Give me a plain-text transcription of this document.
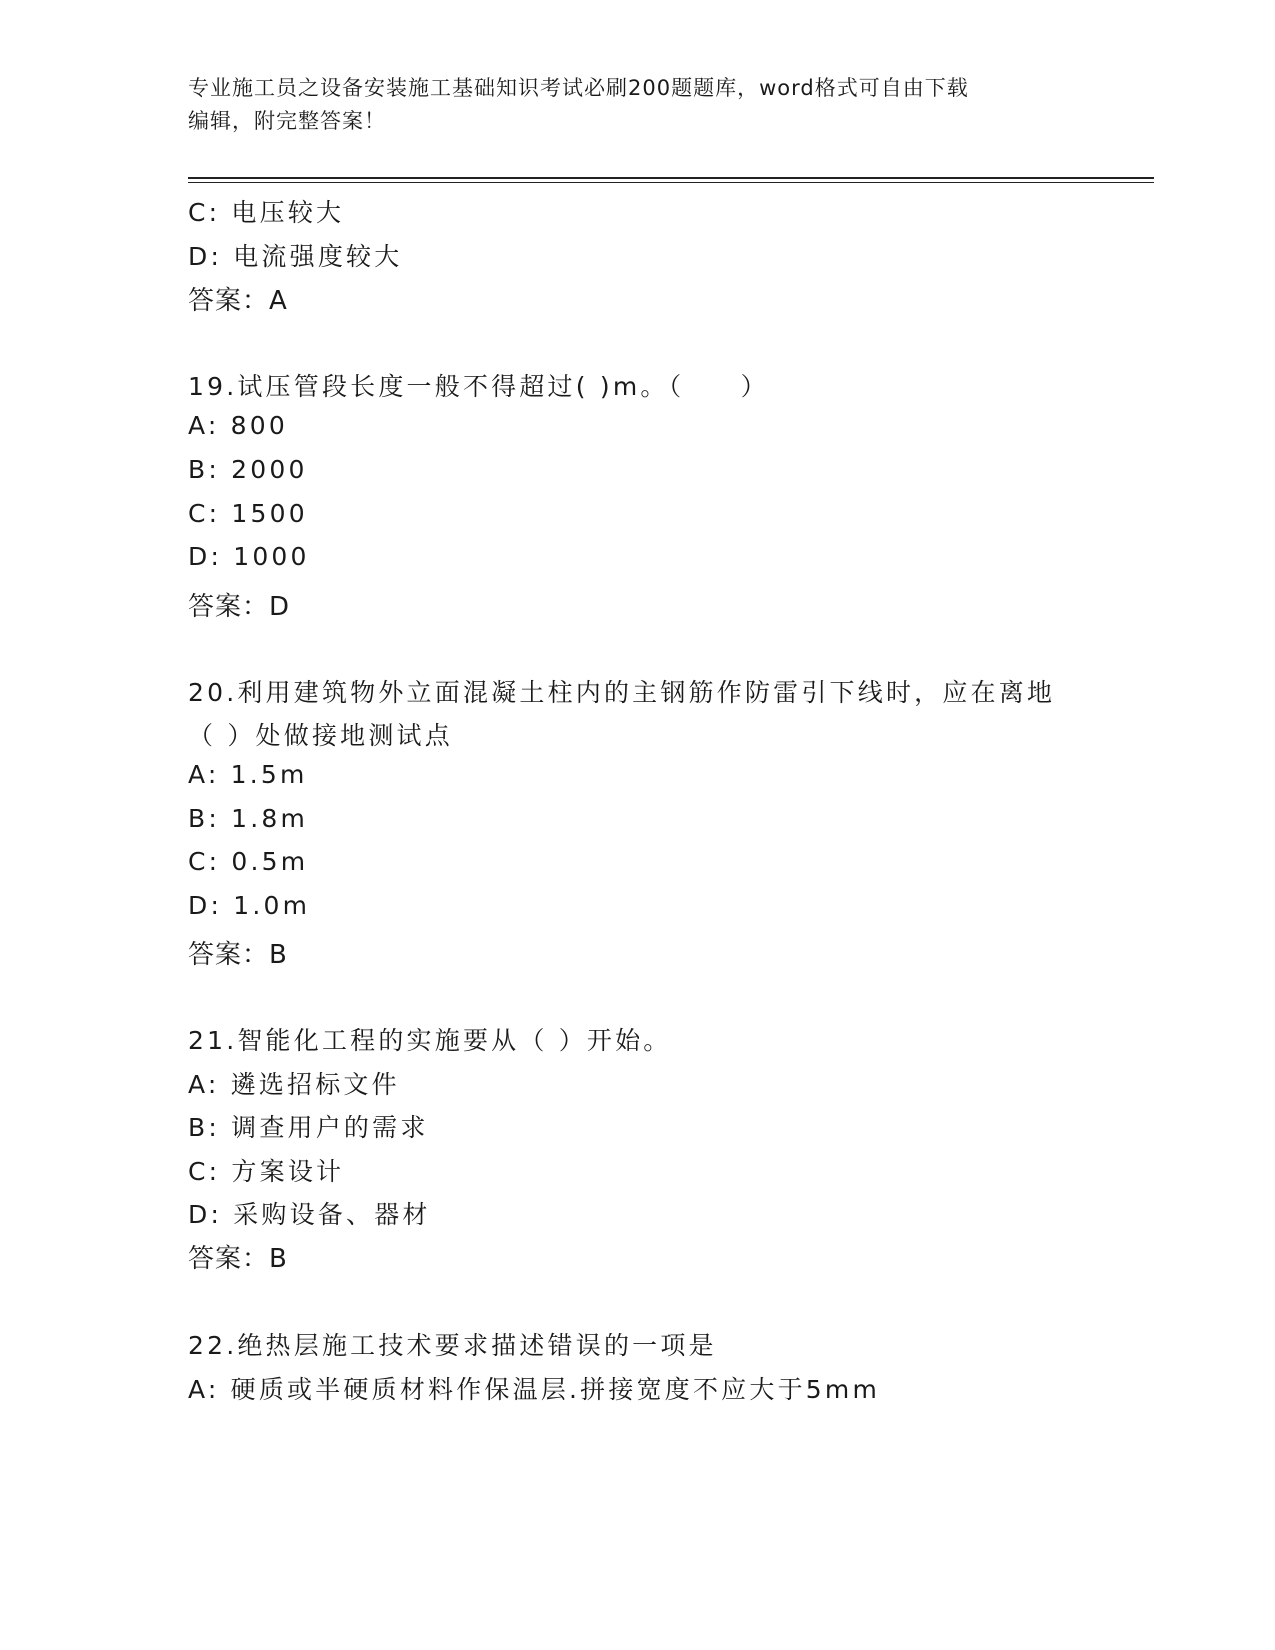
专业施工员之设备安装施工基础知识考试必刷200题题库，word格式可自由下载
编辑，附完整答案！
C: 电压较大
D: 电流强度较大
答案：A
19.试压管段长度一般不得超过( )m。（　　）
A: 800
B: 2000
C: 1500
D: 1000
答案：D
20.利用建筑物外立面混凝土柱内的主钢筋作防雷引下线时，应在离地
（ ）处做接地测试点
A: 1.5m
B: 1.8m
C: 0.5m
D: 1.0m
答案：B
21.智能化工程的实施要从（ ）开始。
A: 遴选招标文件
B: 调查用户的需求
C: 方案设计
D: 采购设备、器材
答案：B
22.绝热层施工技术要求描述错误的一项是
A: 硬质或半硬质材料作保温层.拼接宽度不应大于5mm
